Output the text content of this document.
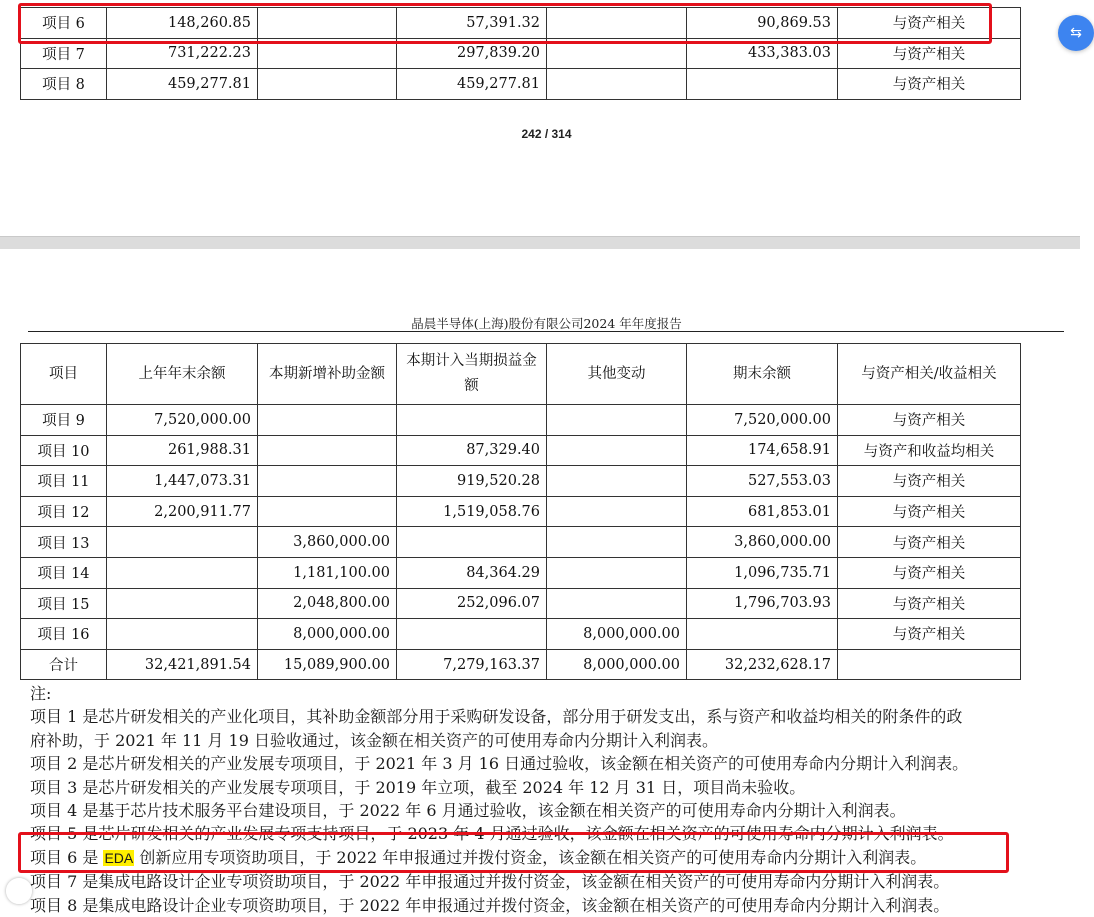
项目 6	148,260.85		57,391.32		90,869.53	与资产相关
项目 7	731,222.23		297,839.20		433,383.03	与资产相关
项目 8	459,277.81		459,277.81			与资产相关
⇆
242 / 314
晶晨半导体(上海)股份有限公司2024 年年度报告
项目	上年年末余额	本期新增补助金额	本期计入当期损益金额	其他变动	期末余额	与资产相关/收益相关
项目 9	7,520,000.00				7,520,000.00	与资产相关
项目 10	261,988.31		87,329.40		174,658.91	与资产和收益均相关
项目 11	1,447,073.31		919,520.28		527,553.03	与资产相关
项目 12	2,200,911.77		1,519,058.76		681,853.01	与资产相关
项目 13		3,860,000.00			3,860,000.00	与资产相关
项目 14		1,181,100.00	84,364.29		1,096,735.71	与资产相关
项目 15		2,048,800.00	252,096.07		1,796,703.93	与资产相关
项目 16		8,000,000.00		8,000,000.00		与资产相关
合计	32,421,891.54	15,089,900.00	7,279,163.37	8,000,000.00	32,232,628.17	

注:

项目 1 是芯片研发相关的产业化项目，其补助金额部分用于采购研发设备，部分用于研发支出，系与资产和收益均相关的附条件的政

府补助，于 2021 年 11 月 19 日验收通过，该金额在相关资产的可使用寿命内分期计入利润表。

项目 2 是芯片研发相关的产业发展专项项目，于 2021 年 3 月 16 日通过验收，该金额在相关资产的可使用寿命内分期计入利润表。

项目 3 是芯片研发相关的产业发展专项项目，于 2019 年立项，截至 2024 年 12 月 31 日，项目尚未验收。

项目 4 是基于芯片技术服务平台建设项目，于 2022 年 6 月通过验收，该金额在相关资产的可使用寿命内分期计入利润表。

项目 5 是芯片研发相关的产业发展专项支持项目，于 2023 年 4 月通过验收，该金额在相关资产的可使用寿命内分期计入利润表。

项目 6 是 EDA 创新应用专项资助项目，于 2022 年申报通过并拨付资金，该金额在相关资产的可使用寿命内分期计入利润表。

项目 7 是集成电路设计企业专项资助项目，于 2022 年申报通过并拨付资金，该金额在相关资产的可使用寿命内分期计入利润表。

项目 8 是集成电路设计企业专项资助项目，于 2022 年申报通过并拨付资金，该金额在相关资产的可使用寿命内分期计入利润表。
